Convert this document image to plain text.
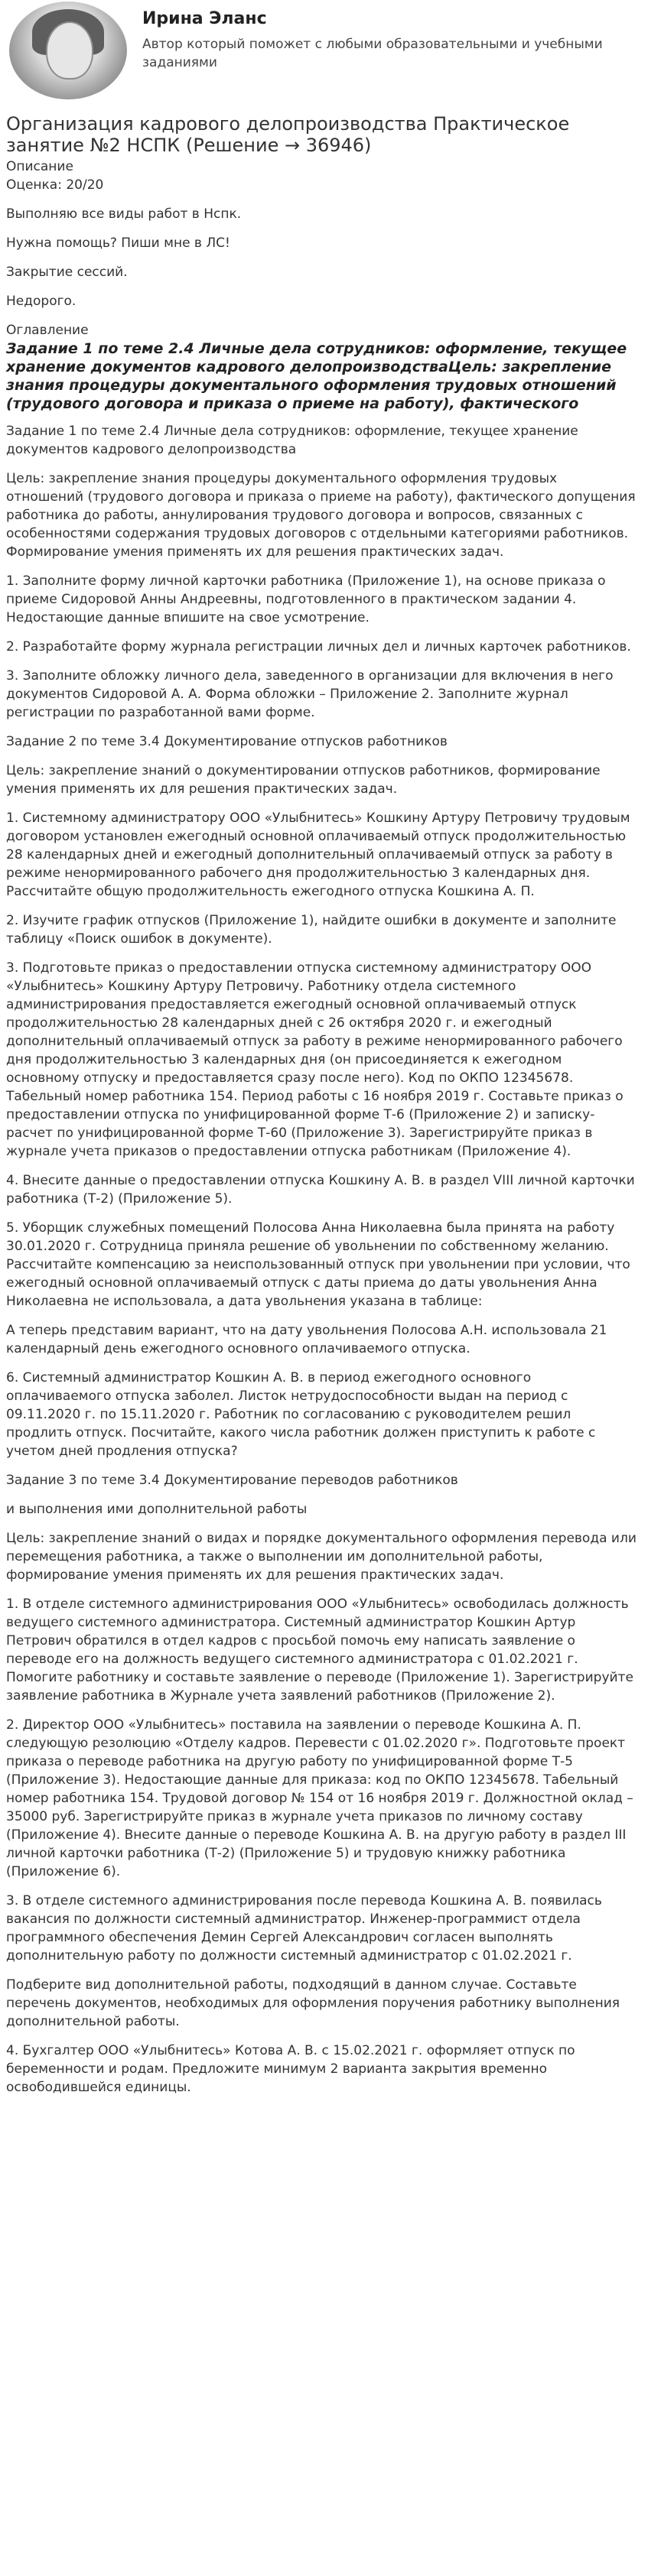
Ирина Эланс
Автор который поможет с любыми образовательными и учебными заданиями
Организация кадрового делопроизводства Практическое занятие №2 НСПК (Решение → 36946)
Описание
Оценка: 20/20
Выполняю все виды работ в Нспк.
Нужна помощь? Пиши мне в ЛС!
Закрытие сессий.
Недорого.
Оглавление
Задание 1 по теме 2.4 Личные дела сотрудников: оформление, текущее хранение документов кадрового делопроизводстваЦель: закрепление знания процедуры документального оформления трудовых отношений (трудового договора и приказа о приеме на работу), фактического
Задание 1 по теме 2.4 Личные дела сотрудников: оформление, текущее хранение документов кадрового делопроизводства
Цель: закрепление знания процедуры документального оформления трудовых отношений (трудового договора и приказа о приеме на работу), фактического допущения работника до работы, аннулирования трудового договора и вопросов, связанных с особенностями содержания трудовых договоров с отдельными категориями работников. Формирование умения применять их для решения практических задач.
1. Заполните форму личной карточки работника (Приложение 1), на основе приказа о приеме Сидоровой Анны Андреевны, подготовленного в практическом задании 4. Недостающие данные впишите на свое усмотрение.
2. Разработайте форму журнала регистрации личных дел и личных карточек работников.
3. Заполните обложку личного дела, заведенного в организации для включения в него документов Сидоровой А. А. Форма обложки – Приложение 2. Заполните журнал регистрации по разработанной вами форме.
Задание 2 по теме 3.4 Документирование отпусков работников
Цель: закрепление знаний о документировании отпусков работников, формирование умения применять их для решения практических задач.
1. Системному администратору ООО «Улыбнитесь» Кошкину Артуру Петровичу трудовым договором установлен ежегодный основной оплачиваемый отпуск продолжительностью 28 календарных дней и ежегодный дополнительный оплачиваемый отпуск за работу в режиме ненормированного рабочего дня продолжительностью 3 календарных дня. Рассчитайте общую продолжительность ежегодного отпуска Кошкина А. П.
2. Изучите график отпусков (Приложение 1), найдите ошибки в документе и заполните таблицу «Поиск ошибок в документе).
3. Подготовьте приказ о предоставлении отпуска системному администратору ООО «Улыбнитесь» Кошкину Артуру Петровичу. Работнику отдела системного администрирования предоставляется ежегодный основной оплачиваемый отпуск продолжительностью 28 календарных дней с 26 октября 2020 г. и ежегодный дополнительный оплачиваемый отпуск за работу в режиме ненормированного рабочего дня продолжительностью 3 календарных дня (он присоединяется к ежегодном основному отпуску и предоставляется сразу после него). Код по ОКПО 12345678. Табельный номер работника 154. Период работы с 16 ноября 2019 г. Составьте приказ о предоставлении отпуска по унифицированной форме Т-6 (Приложение 2) и записку-расчет по унифицированной форме Т-60 (Приложение 3). Зарегистрируйте приказ в журнале учета приказов о предоставлении отпуска работникам (Приложение 4).
4. Внесите данные о предоставлении отпуска Кошкину А. В. в раздел VIII личной карточки работника (Т-2) (Приложение 5).
5. Уборщик служебных помещений Полосова Анна Николаевна была принята на работу 30.01.2020 г. Сотрудница приняла решение об увольнении по собственному желанию. Рассчитайте компенсацию за неиспользованный отпуск при увольнении при условии, что ежегодный основной оплачиваемый отпуск с даты приема до даты увольнения Анна Николаевна не использовала, а дата увольнения указана в таблице:
А теперь представим вариант, что на дату увольнения Полосова А.Н. использовала 21 календарный день ежегодного основного оплачиваемого отпуска.
6. Системный администратор Кошкин А. В. в период ежегодного основного оплачиваемого отпуска заболел. Листок нетрудоспособности выдан на период с 09.11.2020 г. по 15.11.2020 г. Работник по согласованию с руководителем решил продлить отпуск. Посчитайте, какого числа работник должен приступить к работе с учетом дней продления отпуска?
Задание 3 по теме 3.4 Документирование переводов работников
и выполнения ими дополнительной работы
Цель: закрепление знаний о видах и порядке документального оформления перевода или перемещения работника, а также о выполнении им дополнительной работы, формирование умения применять их для решения практических задач.
1. В отделе системного администрирования ООО «Улыбнитесь» освободилась должность ведущего системного администратора. Системный администратор Кошкин Артур Петрович обратился в отдел кадров с просьбой помочь ему написать заявление о переводе его на должность ведущего системного администратора с 01.02.2021 г. Помогите работнику и составьте заявление о переводе (Приложение 1). Зарегистрируйте заявление работника в Журнале учета заявлений работников (Приложение 2).
2. Директор ООО «Улыбнитесь» поставила на заявлении о переводе Кошкина А. П. следующую резолюцию «Отделу кадров. Перевести с 01.02.2020 г». Подготовьте проект приказа о переводе работника на другую работу по унифицированной форме Т-5 (Приложение 3). Недостающие данные для приказа: код по ОКПО 12345678. Табельный номер работника 154. Трудовой договор № 154 от 16 ноября 2019 г. Должностной оклад – 35000 руб. Зарегистрируйте приказ в журнале учета приказов по личному составу (Приложение 4). Внесите данные о переводе Кошкина А. В. на другую работу в раздел III личной карточки работника (Т-2) (Приложение 5) и трудовую книжку работника (Приложение 6).
3. В отделе системного администрирования после перевода Кошкина А. В. появилась вакансия по должности системный администратор. Инженер-программист отдела программного обеспечения Демин Сергей Александрович согласен выполнять дополнительную работу по должности системный администратор с 01.02.2021 г.
Подберите вид дополнительной работы, подходящий в данном случае. Составьте перечень документов, необходимых для оформления поручения работнику выполнения дополнительной работы.
4. Бухгалтер ООО «Улыбнитесь» Котова А. В. с 15.02.2021 г. оформляет отпуск по беременности и родам. Предложите минимум 2 варианта закрытия временно освободившейся единицы.
